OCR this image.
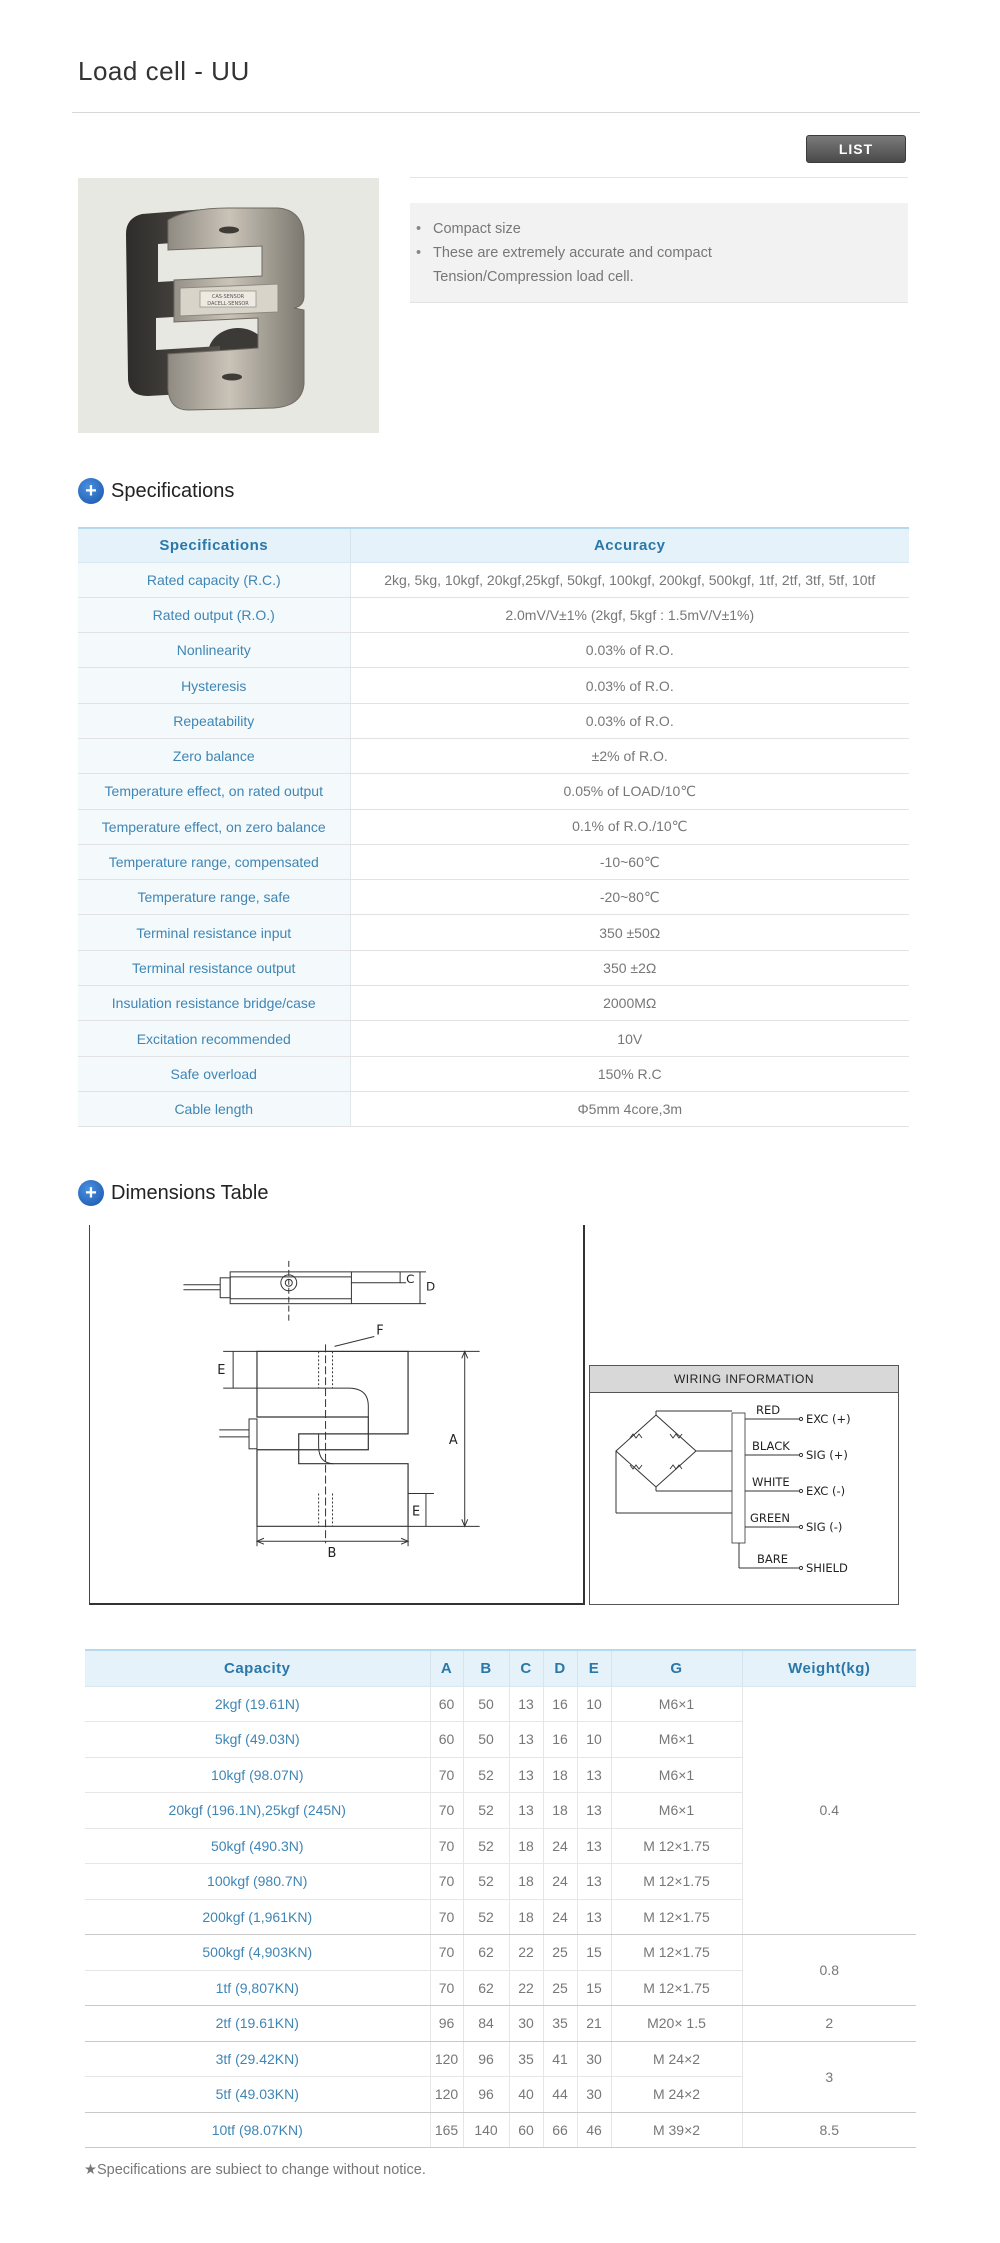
Load cell - UU
LIST
CAS·SENSOR
DACELL·SENSOR
• Compact size
• These are extremely accurate and compact
Tension/Compression load cell.
+ Specifications
Specifications	Accuracy
Rated capacity (R.C.)	2kg, 5kg, 10kgf, 20kgf,25kgf, 50kgf, 100kgf, 200kgf, 500kgf, 1tf, 2tf, 3tf, 5tf, 10tf
Rated output (R.O.)	2.0mV/V±1% (2kgf, 5kgf : 1.5mV/V±1%)
Nonlinearity	0.03% of R.O.
Hysteresis	0.03% of R.O.
Repeatability	0.03% of R.O.
Zero balance	±2% of R.O.
Temperature effect, on rated output	0.05% of LOAD/10℃
Temperature effect, on zero balance	0.1% of R.O./10℃
Temperature range, compensated	-10~60℃
Temperature range, safe	-20~80℃
Terminal resistance input	350 ±50Ω
Terminal resistance output	350 ±2Ω
Insulation resistance bridge/case	2000MΩ
Excitation recommended	10V
Safe overload	150% R.C
Cable length	Φ5mm 4core,3m
+ Dimensions Table
C
D
F
A
B
E
E
WIRING INFORMATION
RED
EXC (+)
BLACK
SIG (+)
WHITE
EXC (-)
GREEN
SIG (-)
BARE
SHIELD
Capacity	A	B	C	D	E	G	Weight(kg)
2kgf (19.61N)	60	50	13	16	10	M6×1	0.4
5kgf (49.03N)	60	50	13	16	10	M6×1	
10kgf (98.07N)	70	52	13	18	13	M6×1	
20kgf (196.1N),25kgf (245N)	70	52	13	18	13	M6×1	
50kgf (490.3N)	70	52	18	24	13	M 12×1.75	
100kgf (980.7N)	70	52	18	24	13	M 12×1.75	
200kgf (1,961KN)	70	52	18	24	13	M 12×1.75	
500kgf (4,903KN)	70	62	22	25	15	M 12×1.75	0.8
1tf (9,807KN)	70	62	22	25	15	M 12×1.75	
2tf (19.61KN)	96	84	30	35	21	M20× 1.5	2
3tf (29.42KN)	120	96	35	41	30	M 24×2	3
5tf (49.03KN)	120	96	40	44	30	M 24×2	
10tf (98.07KN)	165	140	60	66	46	M 39×2	8.5
★Specifications are subiect to change without notice.
